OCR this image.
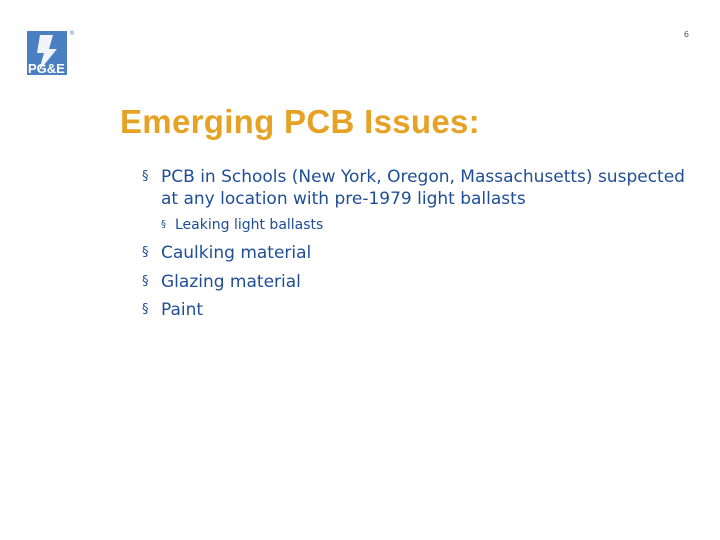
PG&E
®	6
Emerging PCB Issues:
§ PCB in Schools (New York, Oregon, Massachusetts) suspected at any location with pre-1979 light ballasts
§ Leaking light ballasts
§ Caulking material
§ Glazing material
§ Paint
